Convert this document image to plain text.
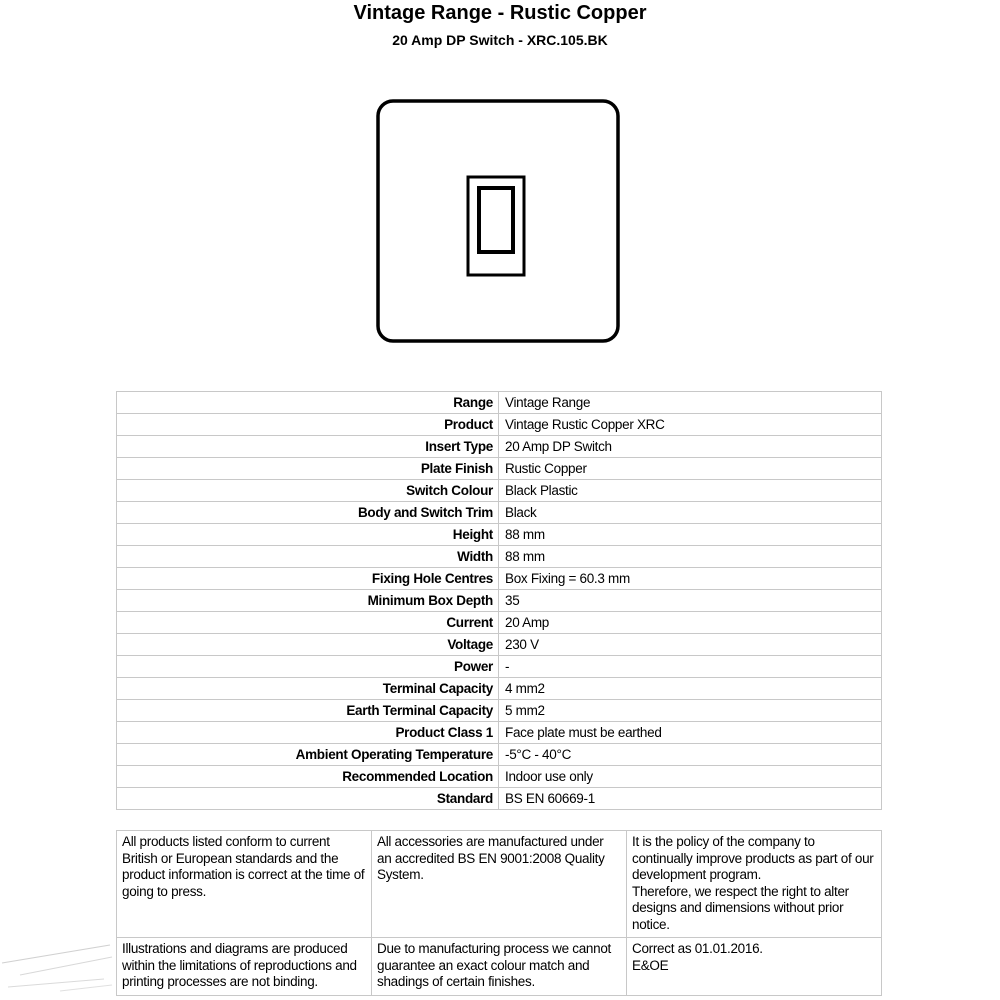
Vintage Range - Rustic Copper
20 Amp DP Switch - XRC.105.BK
Range	Vintage Range
Product	Vintage Rustic Copper XRC
Insert Type	20 Amp DP Switch
Plate Finish	Rustic Copper
Switch Colour	Black Plastic
Body and Switch Trim	Black
Height	88 mm
Width	88 mm
Fixing Hole Centres	Box Fixing = 60.3 mm
Minimum Box Depth	35
Current	20 Amp
Voltage	230 V
Power	-
Terminal Capacity	4 mm2
Earth Terminal Capacity	5 mm2
Product Class 1	Face plate must be earthed
Ambient Operating Temperature	-5°C - 40°C
Recommended Location	Indoor use only
Standard	BS EN 60669-1
All products listed conform to current British or European standards and the product information is correct at the time of going to press.	All accessories are manufactured under an accredited BS EN 9001:2008 Quality System.	It is the policy of the company to continually improve products as part of our development program.
Therefore, we respect the right to alter designs and dimensions without prior notice.
Illustrations and diagrams are produced within the limitations of reproductions and printing processes are not binding.	Due to manufacturing process we cannot guarantee an exact colour match and shadings of certain finishes.	Correct as 01.01.2016.
E&OE
